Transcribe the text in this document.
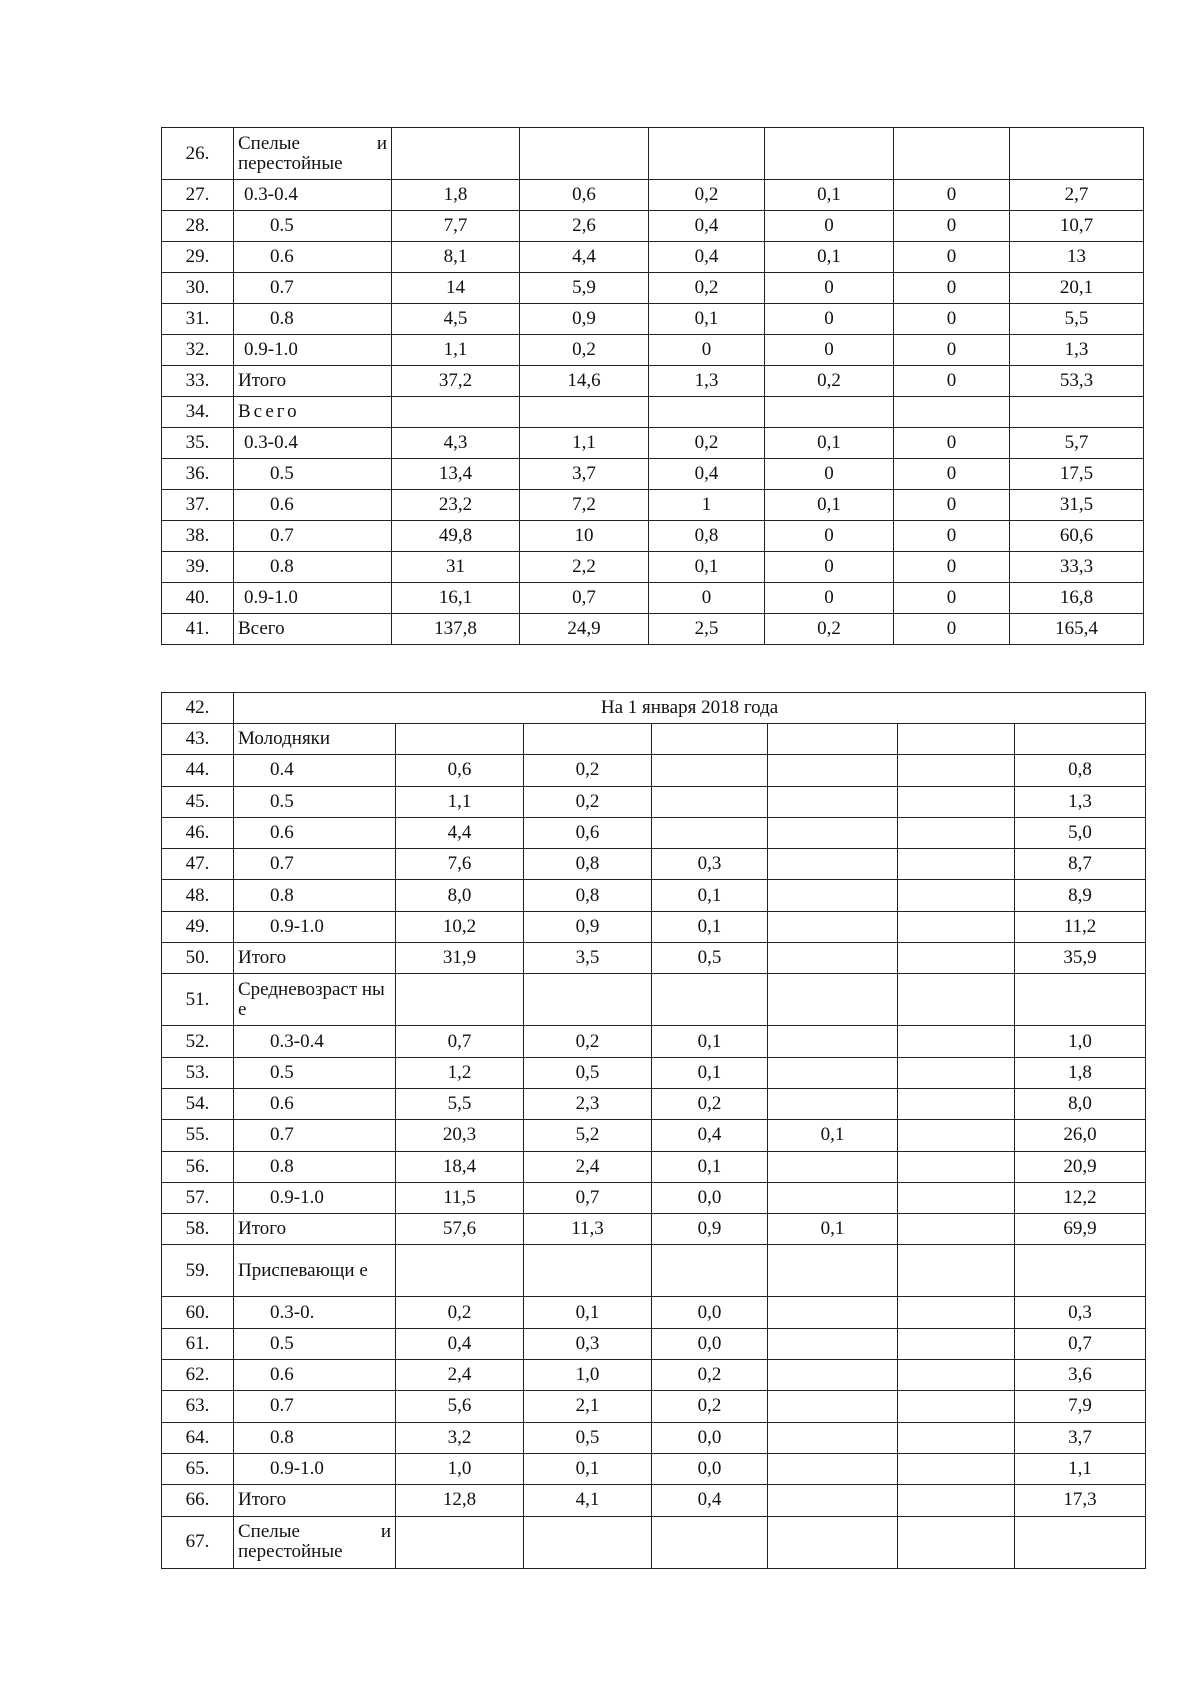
26.	Спелые и перестойные						
27.	0.3-0.4	1,8	0,6	0,2	0,1	0	2,7
28.	0.5	7,7	2,6	0,4	0	0	10,7
29.	0.6	8,1	4,4	0,4	0,1	0	13
30.	0.7	14	5,9	0,2	0	0	20,1
31.	0.8	4,5	0,9	0,1	0	0	5,5
32.	0.9-1.0	1,1	0,2	0	0	0	1,3
33.	Итого	37,2	14,6	1,3	0,2	0	53,3
34.	Всего						
35.	0.3-0.4	4,3	1,1	0,2	0,1	0	5,7
36.	0.5	13,4	3,7	0,4	0	0	17,5
37.	0.6	23,2	7,2	1	0,1	0	31,5
38.	0.7	49,8	10	0,8	0	0	60,6
39.	0.8	31	2,2	0,1	0	0	33,3
40.	0.9-1.0	16,1	0,7	0	0	0	16,8
41.	Всего	137,8	24,9	2,5	0,2	0	165,4
42.	На 1 января 2018 года						
43.	Молодняки						
44.	0.4	0,6	0,2				0,8
45.	0.5	1,1	0,2				1,3
46.	0.6	4,4	0,6				5,0
47.	0.7	7,6	0,8	0,3			8,7
48.	0.8	8,0	0,8	0,1			8,9
49.	0.9-1.0	10,2	0,9	0,1			11,2
50.	Итого	31,9	3,5	0,5			35,9
51.	Средневозраст ные						
52.	0.3-0.4	0,7	0,2	0,1			1,0
53.	0.5	1,2	0,5	0,1			1,8
54.	0.6	5,5	2,3	0,2			8,0
55.	0.7	20,3	5,2	0,4	0,1		26,0
56.	0.8	18,4	2,4	0,1			20,9
57.	0.9-1.0	11,5	0,7	0,0			12,2
58.	Итого	57,6	11,3	0,9	0,1		69,9
59.	Приспевающи е						
60.	0.3-0.	0,2	0,1	0,0			0,3
61.	0.5	0,4	0,3	0,0			0,7
62.	0.6	2,4	1,0	0,2			3,6
63.	0.7	5,6	2,1	0,2			7,9
64.	0.8	3,2	0,5	0,0			3,7
65.	0.9-1.0	1,0	0,1	0,0			1,1
66.	Итого	12,8	4,1	0,4			17,3
67.	Спелые и перестойные						
